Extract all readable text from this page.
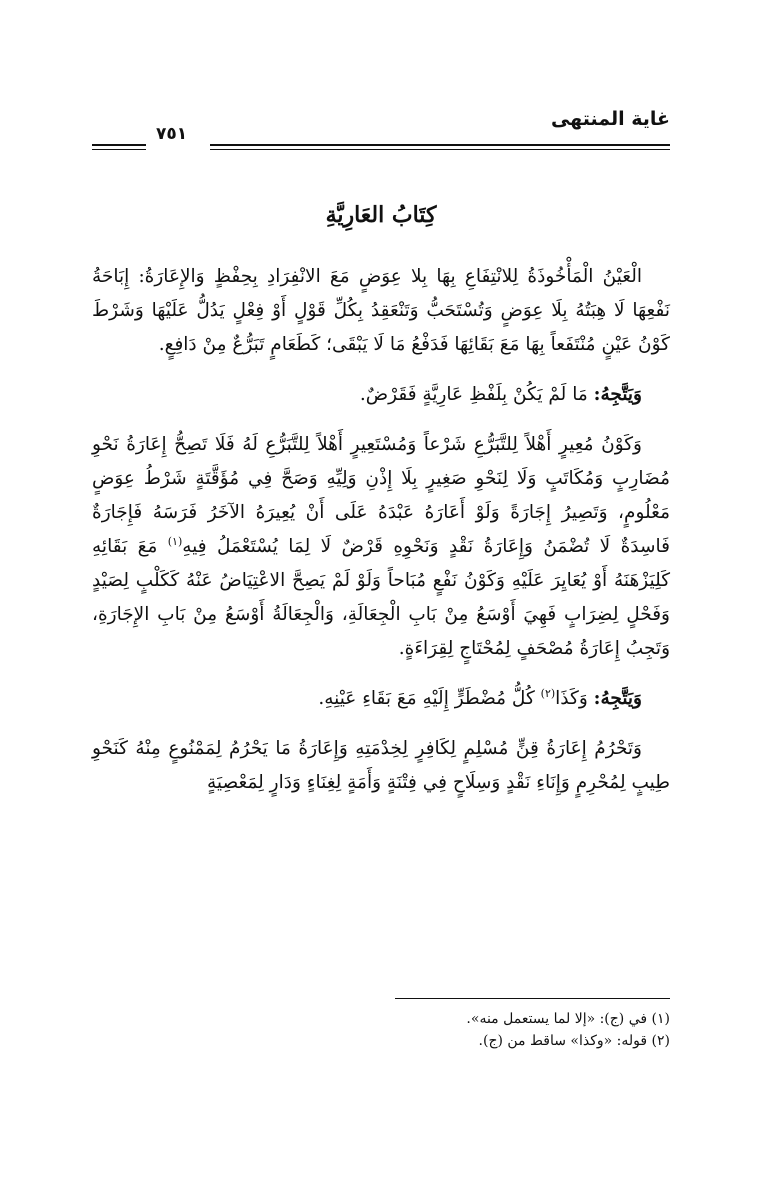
غاية المنتهى
٧٥١
كِتَابُ العَارِيَّةِ

الْعَيْنُ الْمَأْخُوذَةُ لِلانْتِفَاعِ بِهَا بِلا عِوَضٍ مَعَ الانْفِرَادِ بِحِفْظٍ وَالإِعَارَةُ: إِبَاحَةُ نَفْعِهَا لَا هِبَتُهُ بِلَا عِوَضٍ وَتُسْتَحَبُّ وَتَنْعَقِدُ بِكُلِّ قَوْلٍ أَوْ فِعْلٍ يَدُلُّ عَلَيْهَا وَشَرْطَ كَوْنُ عَيْنٍ مُنْتَفَعاً بِهَا مَعَ بَقَائِهَا فَدَفْعُ مَا لَا يَبْقَى؛ كَطَعَامٍ تَبَرُّعٌ مِنْ دَافِعٍ.

وَيَتَّجِهُ: مَا لَمْ يَكُنْ بِلَفْظِ عَارِيَّةٍ فَقَرْضٌ.

وَكَوْنُ مُعِيرٍ أَهْلاً لِلتَّبَرُّعِ شَرْعاً وَمُسْتَعِيرٍ أَهْلاً لِلتَّبَرُّعِ لَهُ فَلَا تَصِحُّ إِعَارَةُ نَحْوِ مُضَارِبٍ وَمُكَاتَبٍ وَلَا لِنَحْوِ صَغِيرٍ بِلَا إِذْنِ وَلِيِّهِ وَصَحَّ فِي مُؤَقَّتَةٍ شَرْطُ عِوَضٍ مَعْلُومٍ، وَتَصِيرُ إِجَارَةً وَلَوْ أَعَارَهُ عَبْدَهُ عَلَى أَنْ يُعِيرَهُ الآخَرُ فَرَسَهُ فَإِجَارَةٌ فَاسِدَةٌ لَا تُضْمَنُ وَإِعَارَةُ نَقْدٍ وَنَحْوِهِ قَرْضٌ لَا لِمَا يُسْتَعْمَلُ فِيهِ$^{(١)}$ مَعَ بَقَائِهِ كَلِيَزْهَنَهُ أَوْ يُعَايِرَ عَلَيْهِ وَكَوْنُ نَفْعٍ مُبَاحاً وَلَوْ لَمْ يَصِحَّ الاعْتِيَاضُ عَنْهُ كَكَلْبٍ لِصَيْدٍ وَفَحْلٍ لِضِرَابٍ فَهِيَ أَوْسَعُ مِنْ بَابِ الْجِعَالَةِ، وَالْجِعَالَةُ أَوْسَعُ مِنْ بَابِ الإِجَارَةِ، وَتَجِبُ إِعَارَةُ مُصْحَفٍ لِمُحْتَاجٍ لِقِرَاءَةٍ.

وَيَتَّجِهُ: وَكَذَا$^{(٢)}$ كُلُّ مُضْطَرٍّ إِلَيْهِ مَعَ بَقَاءِ عَيْنِهِ.

وَتَحْرُمُ إِعَارَةُ قِنٍّ مُسْلِمٍ لِكَافِرٍ لِخِدْمَتِهِ وَإِعَارَةُ مَا يَحْرُمُ لِمَمْنُوعٍ مِنْهُ كَنَحْوِ طِيبٍ لِمُحْرِمٍ وَإِنَاءِ نَقْدٍ وَسِلَاحٍ فِي فِتْنَةٍ وَأَمَةٍ لِغِنَاءٍ وَدَارٍ لِمَعْصِيَةٍ

(١) في (ج): «إلا لما يستعمل منه».

(٢) قوله: «وكذا» ساقط من (ج).
